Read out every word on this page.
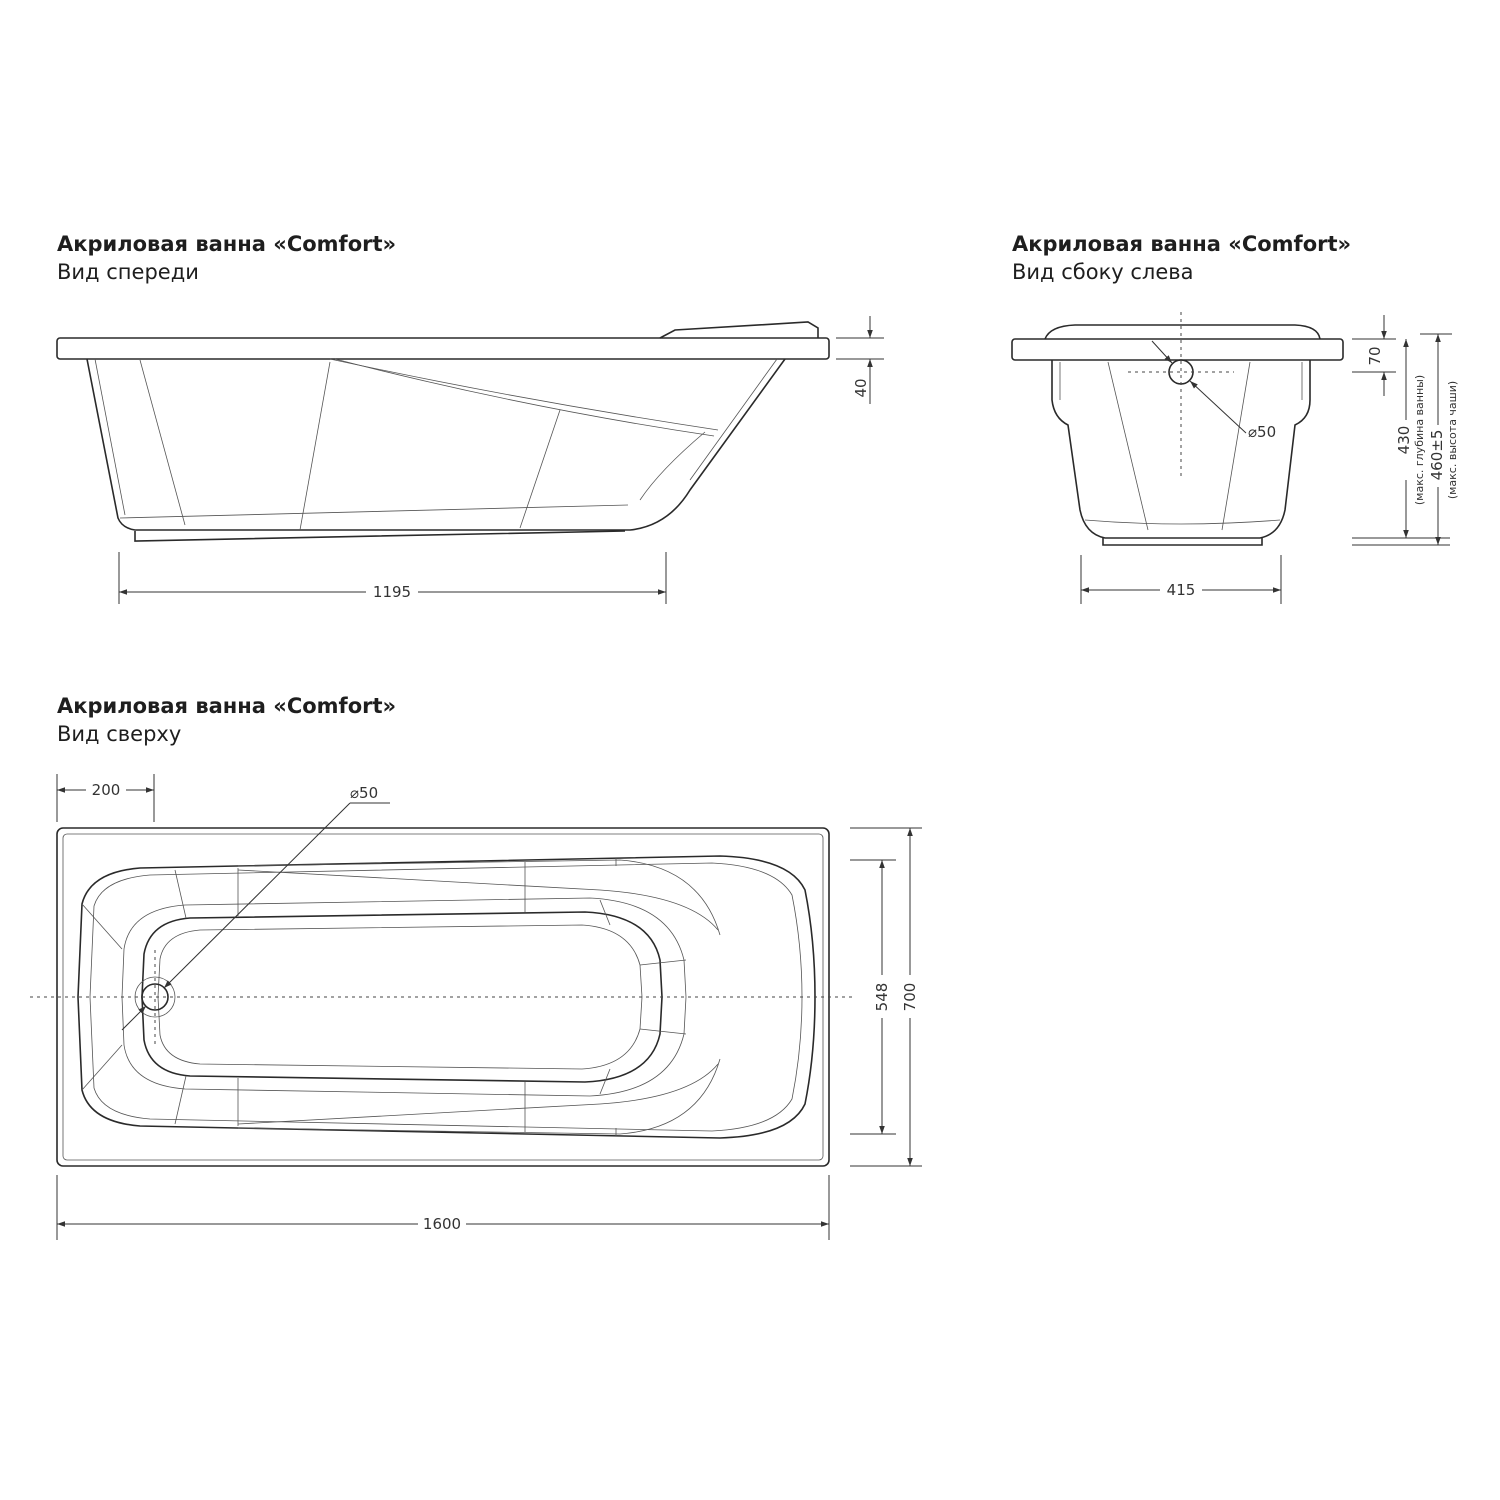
Акриловая ванна «Comfort»
Вид спереди
Акриловая ванна «Comfort»
Вид сбоку слева
Акриловая ванна «Comfort»
Вид сверху
1195
40
⌀50
415
70
430 (макс. глубина ванны) 460±5 (макс. высота чаши)
⌀50
200
1600
548 700
